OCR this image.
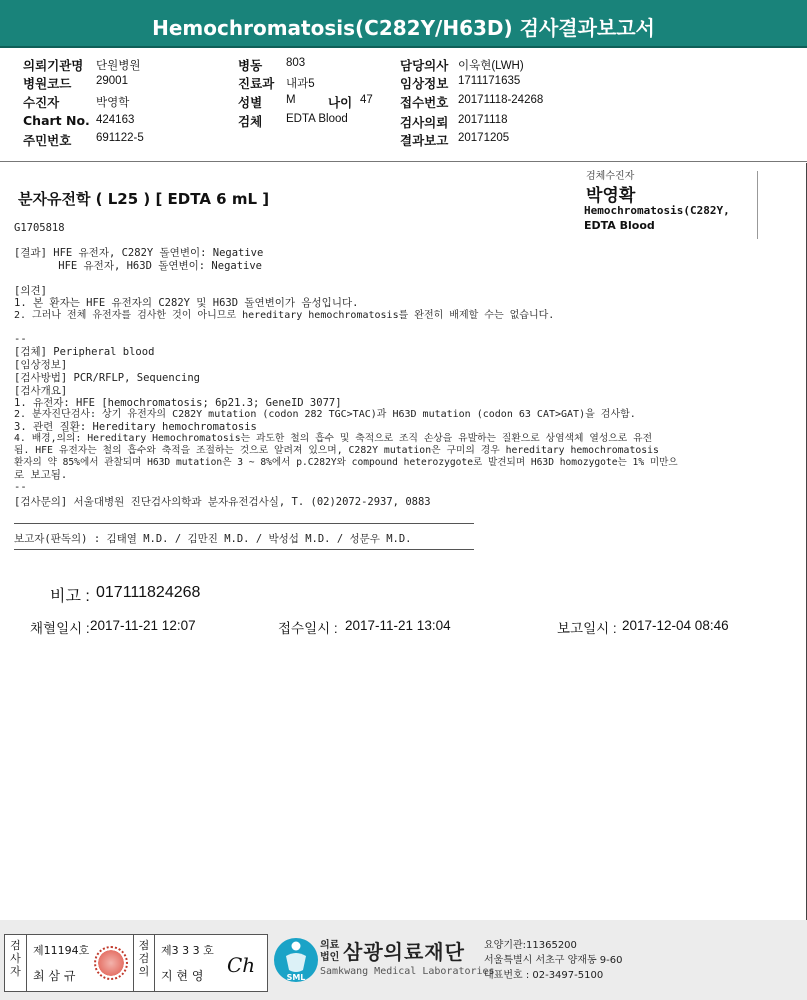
Hemochromatosis(C282Y/H63D) 검사결과보고서
의뢰기관명 단원병원
병원코드 29001
수진자	박영학
Chart No. 424163
주민번호 691122-5
병동 803
진료과 내과5
성별 M	나이 47
검체 EDTA Blood
담당의사 이욱현(LWH)
임상정보 1711171635
접수번호 20171118-24268
검사의뢰 20171118
결과보고 20171205
분자유전학 ( L25 ) [ EDTA 6 mL ]
검체수진자
박영확
Hemochromatosis(C282Y,
EDTA Blood
G1705818
[결과] HFE 유전자, C282Y 돌연변이: Negative
HFE 유전자, H63D 돌연변이: Negative
[의견]
1. 본 환자는 HFE 유전자의 C282Y 및 H63D 돌연변이가 음성입니다.
2. 그러나 전체 유전자를 검사한 것이 아니므로 hereditary hemochromatosis를 완전히 배제할 수는 없습니다.
--
[검체] Peripheral blood
[임상정보]
[검사방법] PCR/RFLP, Sequencing
[검사개요]
1. 유전자: HFE [hemochromatosis; 6p21.3; GeneID 3077]
2. 분자진단검사: 상기 유전자의 C282Y mutation (codon 282 TGC>TAC)과 H63D mutation (codon 63 CAT>GAT)을 검사함.
3. 관련 질환: Hereditary hemochromatosis
4. 배경,의의: Hereditary Hemochromatosis는 과도한 철의 흡수 및 축적으로 조직 손상을 유발하는 질환으로 상염색체 열성으로 유전
됨. HFE 유전자는 철의 흡수와 축적을 조절하는 것으로 알려져 있으며, C282Y mutation은 구미의 경우 hereditary hemochromatosis
환자의 약 85%에서 관찰되며 H63D mutation은 3 ~ 8%에서 p.C282Y와 compound heterozygote로 발견되며 H63D homozygote는 1% 미만으
로 보고됨.
--
[검사문의] 서울대병원 진단검사의학과 분자유전검사실, T. (02)2072-2937, 0883
보고자(판독의) : 김태열 M.D. / 김만진 M.D. / 박성섭 M.D. / 성문우 M.D.
비고 : 017111824268
채혈일시 : 2017-11-21 12:07	접수일시 : 2017-11-21 13:04	보고일시 : 2017-12-04 08:46
검사자
제11194호
최 삼 규
점검의
제3 3 3 호
지 현 영 Ch
SML
의료
법인 삼광의료재단
Samkwang Medical Laboratories
요양기관:11365200
서울특별시 서초구 양재동 9-60
대표번호 : 02-3497-5100
